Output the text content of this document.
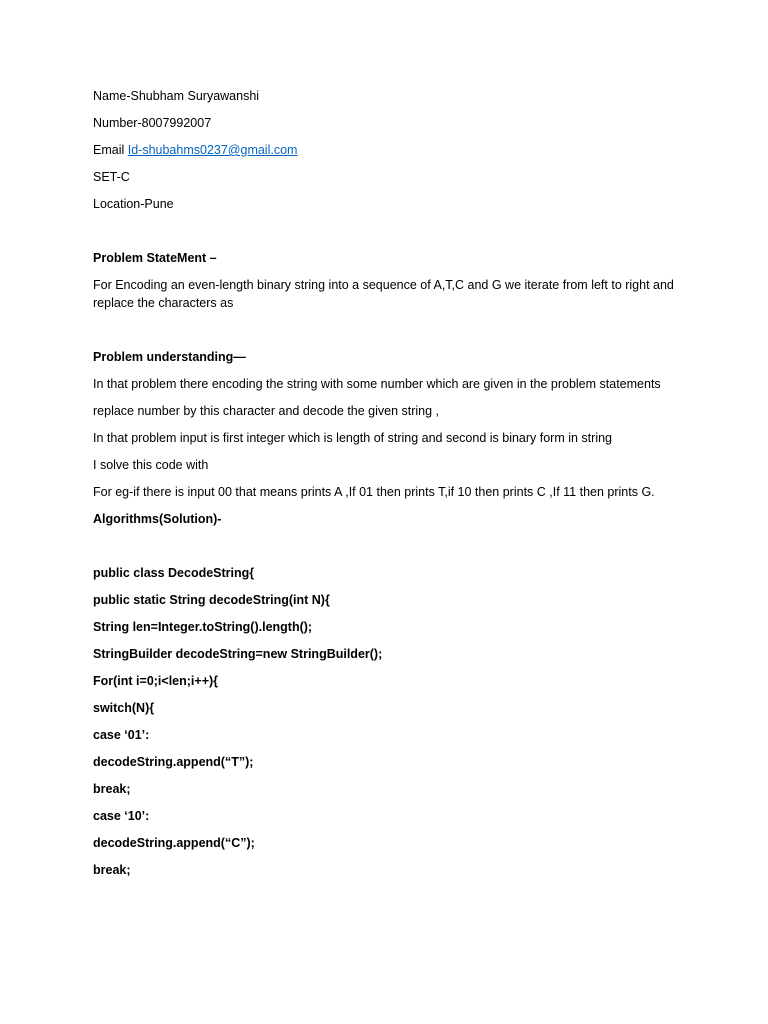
Name-Shubham Suryawanshi

Number-8007992007

Email Id-shubahms0237@gmail.com

SET-C

Location-Pune

Problem StateMent –

For Encoding an even-length binary string into a sequence of A,T,C and G we iterate from left to right and replace the characters as

Problem understanding—

In that problem there encoding the string with some number which are given in the problem statements

replace number by this character and decode the given string ,

In that problem input is first integer which is length of string and second is binary form in string

I solve this code with

For eg-if there is input 00 that means prints A ,If 01 then prints T,if 10 then prints C ,If 11 then prints G.

Algorithms(Solution)-

public class DecodeString{

public static String decodeString(int N){

String len=Integer.toString().length();

StringBuilder decodeString=new StringBuilder();

For(int i=0;i<len;i++){

switch(N){

case ‘01’:

decodeString.append(“T”);

break;

case ‘10’:

decodeString.append(“C”);

break;
